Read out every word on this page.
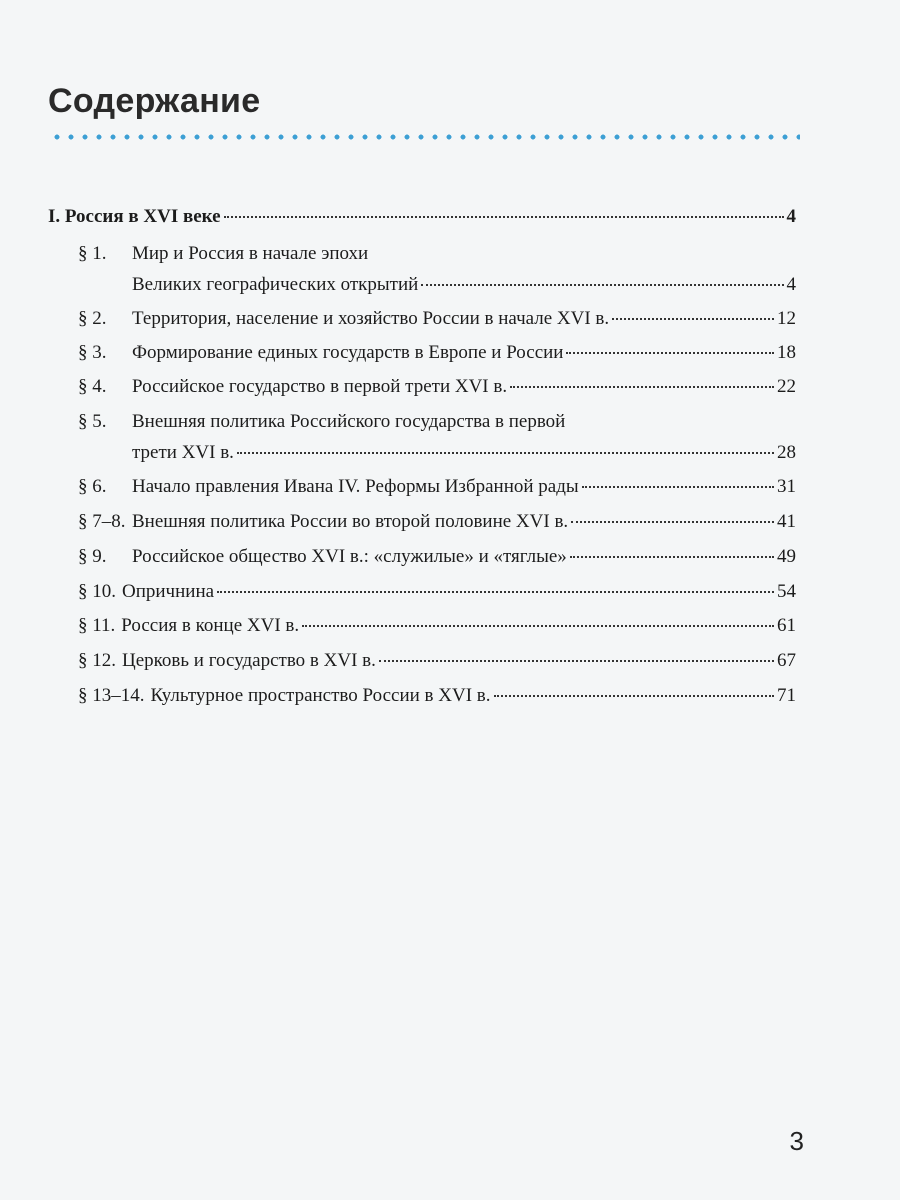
Содержание
I. Россия в XVI веке	4
§ 1.	Мир и Россия в начале эпохи
Великих географических открытий	4
§ 2.	Территория, население и хозяйство России в начале XVI в.	12
§ 3.	Формирование единых государств в Европе и России	18
§ 4.	Российское государство в первой трети XVI в.	22
§ 5.	Внешняя политика Российского государства в первой
трети XVI в.	28
§ 6.	Начало правления Ивана IV. Реформы Избранной рады	31
§ 7–8. Внешняя политика России во второй половине XVI в.	41
§ 9.	Российское общество XVI в.: «служилые» и «тяглые»	49
§ 10. Опричнина	54
§ 11. Россия в конце XVI в.	61
§ 12. Церковь и государство в XVI в.	67
§ 13–14. Культурное пространство России в XVI в.	71
3
